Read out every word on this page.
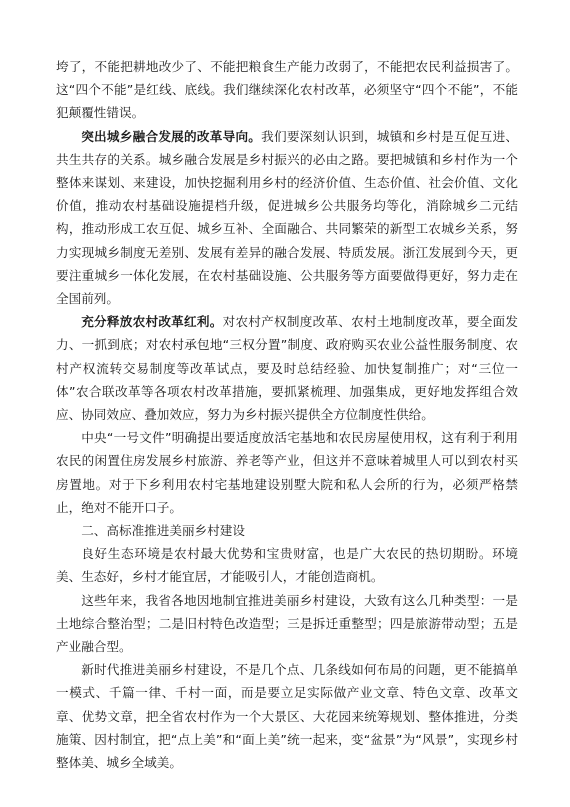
垮了，不能把耕地改少了、不能把粮食生产能力改弱了，不能把农民利益损害了。这“四个不能”是红线、底线。我们继续深化农村改革，必须坚守“四个不能”，不能犯颠覆性错误。

突出城乡融合发展的改革导向。我们要深刻认识到，城镇和乡村是互促互进、共生共存的关系。城乡融合发展是乡村振兴的必由之路。要把城镇和乡村作为一个整体来谋划、来建设，加快挖掘利用乡村的经济价值、生态价值、社会价值、文化价值，推动农村基础设施提档升级，促进城乡公共服务均等化，消除城乡二元结构，推动形成工农互促、城乡互补、全面融合、共同繁荣的新型工农城乡关系，努力实现城乡制度无差别、发展有差异的融合发展、特质发展。浙江发展到今天，更要注重城乡一体化发展，在农村基础设施、公共服务等方面要做得更好，努力走在全国前列。

充分释放农村改革红利。对农村产权制度改革、农村土地制度改革，要全面发力、一抓到底；对农村承包地“三权分置”制度、政府购买农业公益性服务制度、农村产权流转交易制度等改革试点，要及时总结经验、加快复制推广；对“三位一体”农合联改革等各项农村改革措施，要抓紧梳理、加强集成，更好地发挥组合效应、协同效应、叠加效应，努力为乡村振兴提供全方位制度性供给。

中央“一号文件”明确提出要适度放活宅基地和农民房屋使用权，这有利于利用农民的闲置住房发展乡村旅游、养老等产业，但这并不意味着城里人可以到农村买房置地。对于下乡利用农村宅基地建设别墅大院和私人会所的行为，必须严格禁止，绝对不能开口子。

二、高标准推进美丽乡村建设

良好生态环境是农村最大优势和宝贵财富，也是广大农民的热切期盼。环境美、生态好，乡村才能宜居，才能吸引人，才能创造商机。

这些年来，我省各地因地制宜推进美丽乡村建设，大致有这么几种类型：一是土地综合整治型；二是旧村特色改造型；三是拆迁重整型；四是旅游带动型；五是产业融合型。

新时代推进美丽乡村建设，不是几个点、几条线如何布局的问题，更不能搞单一模式、千篇一律、千村一面，而是要立足实际做产业文章、特色文章、改革文章、优势文章，把全省农村作为一个大景区、大花园来统筹规划、整体推进，分类施策、因村制宜，把“点上美”和“面上美”统一起来，变“盆景”为“风景”，实现乡村整体美、城乡全域美。
